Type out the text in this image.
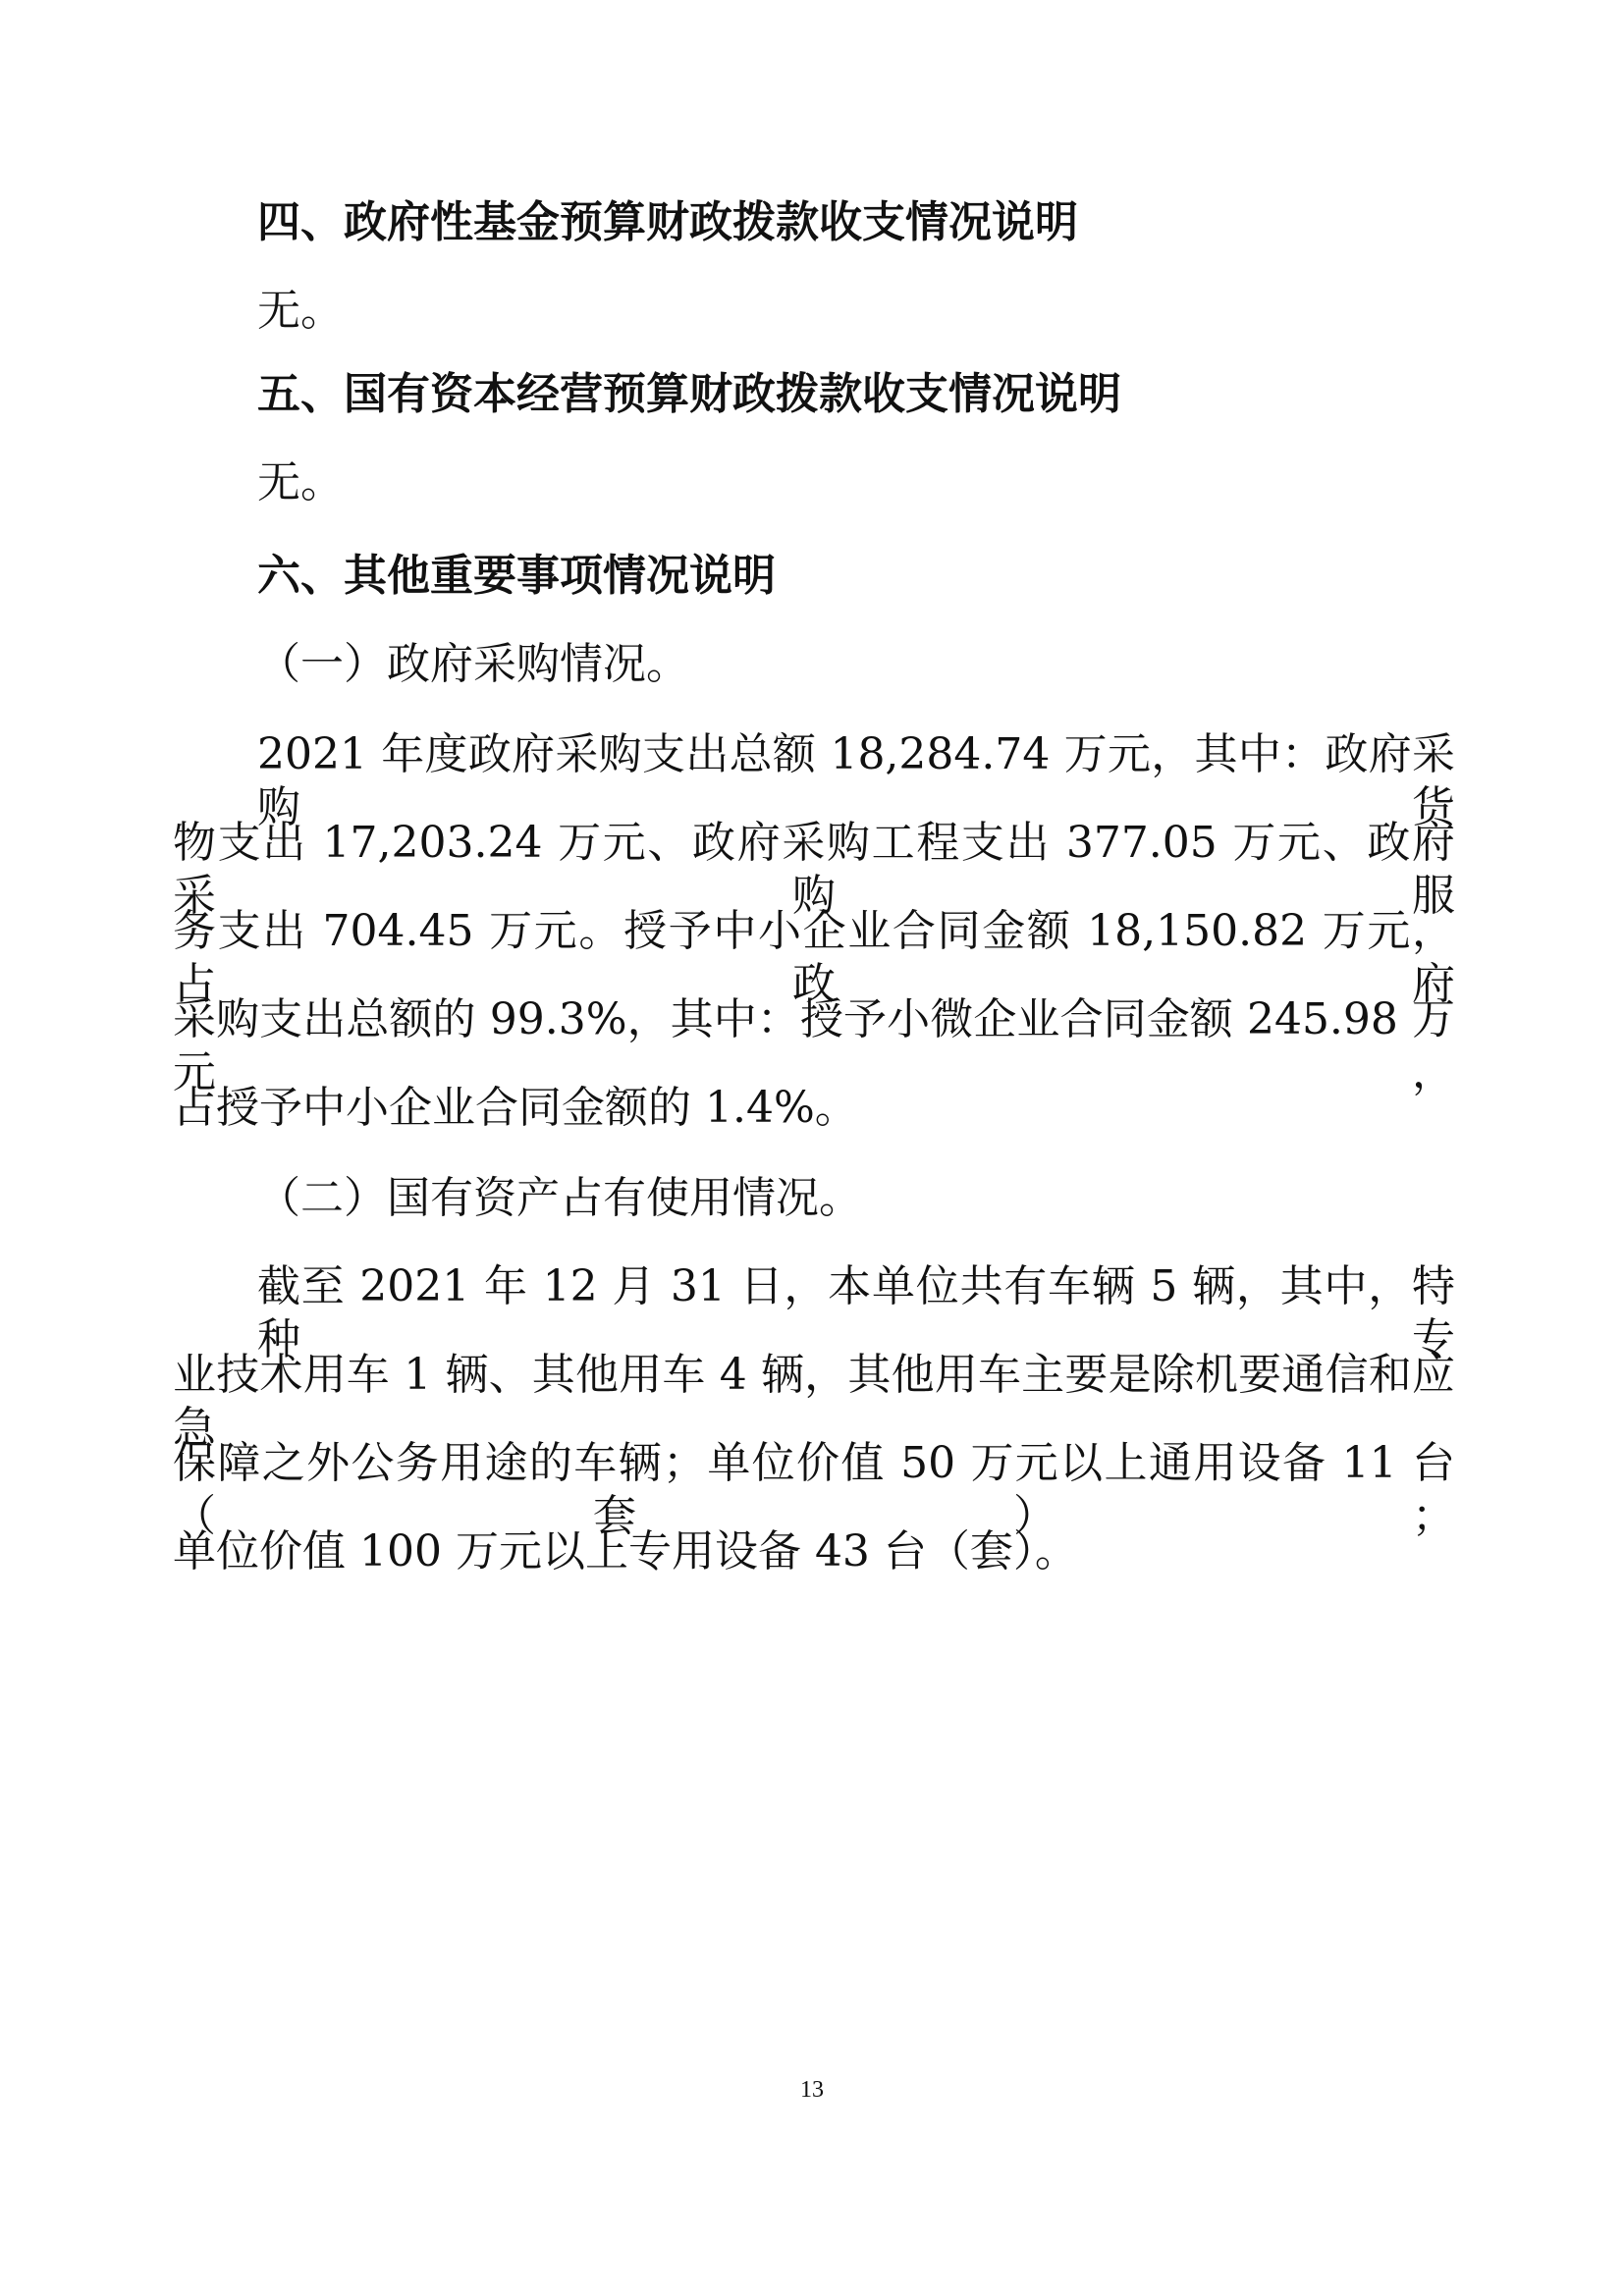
四、政府性基金预算财政拨款收支情况说明

无。

五、国有资本经营预算财政拨款收支情况说明

无。

六、其他重要事项情况说明

（一）政府采购情况。

2021 年度政府采购支出总额 18,284.74 万元，其中：政府采购货

物支出 17,203.24 万元、政府采购工程支出 377.05 万元、政府采购服

务支出 704.45 万元。授予中小企业合同金额 18,150.82 万元，占政府

采购支出总额的 99.3%，其中：授予小微企业合同金额 245.98 万元，

占授予中小企业合同金额的 1.4%。

（二）国有资产占有使用情况。

截至 2021 年 12 月 31 日，本单位共有车辆 5 辆，其中，特种专

业技术用车 1 辆、其他用车 4 辆，其他用车主要是除机要通信和应急

保障之外公务用途的车辆；单位价值 50 万元以上通用设备 11 台（套）；

单位价值 100 万元以上专用设备 43 台（套）。

13
